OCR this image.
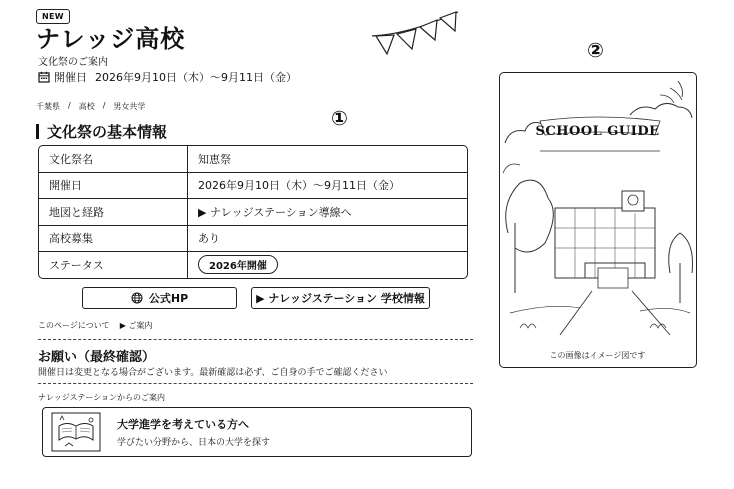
NEW
ナレッジ高校
文化祭のご案内
開催日 2026年9月10日（木）～9月11日（金）
千葉県 / 高校 / 男女共学	①
②
文化祭の基本情報
文化祭名	知恵祭
開催日	2026年9月10日（木）～9月11日（金）
地図と経路	▶ ナレッジステーション導線へ
高校募集	あり
ステータス	2026年開催
公式HP	▶ ナレッジステーション 学校情報
このページについて ▶ ご案内
お願い（最終確認）
開催日は変更となる場合がございます。最新確認は必ず、ご自身の手でご確認ください
ナレッジステーションからのご案内
大学進学を考えている方へ
学びたい分野から、日本の大学を探す
SCHOOL GUIDE
この画像はイメージ図です
